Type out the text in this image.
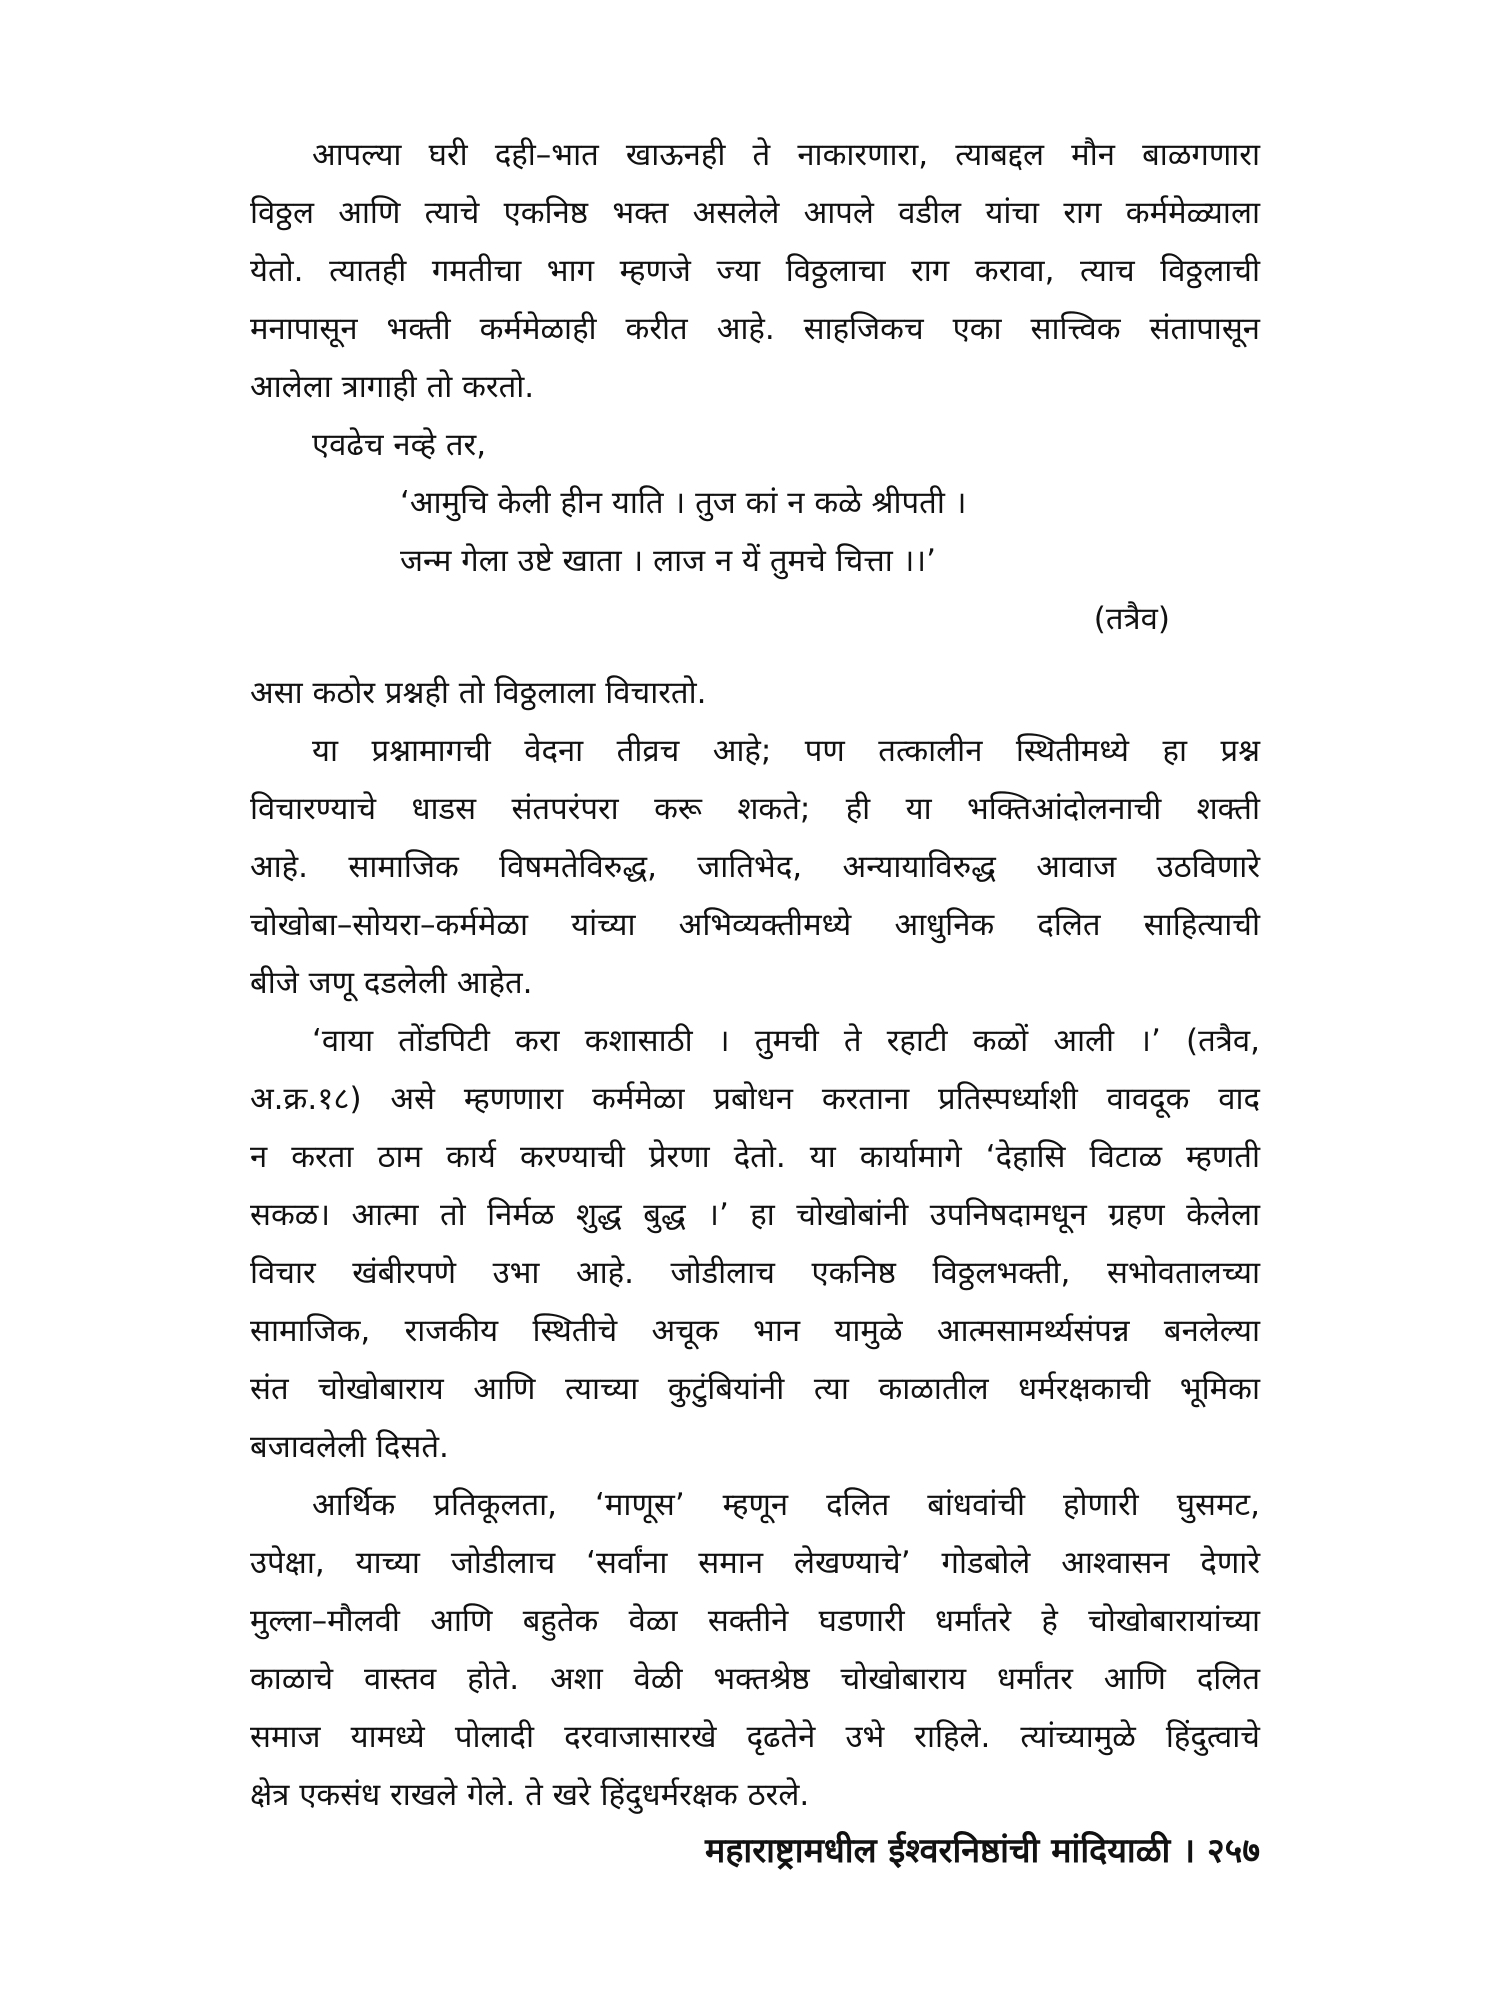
आपल्या घरी दही–भात खाऊनही ते नाकारणारा, त्याबद्दल मौन बाळगणारा
विठ्ठल आणि त्याचे एकनिष्ठ भक्त असलेले आपले वडील यांचा राग कर्ममेळ्याला
येतो. त्यातही गमतीचा भाग म्हणजे ज्या विठ्ठलाचा राग करावा, त्याच विठ्ठलाची
मनापासून भक्ती कर्ममेळाही करीत आहे. साहजिकच एका सात्त्विक संतापासून
आलेला त्रागाही तो करतो.
एवढेच नव्हे तर,
‘आमुचि केली हीन याति । तुज कां न कळे श्रीपती ।
जन्म गेला उष्टे खाता । लाज न यें तुमचे चित्ता ।।’
(तत्रैव)
असा कठोर प्रश्नही तो विठ्ठलाला विचारतो.
या प्रश्नामागची वेदना तीव्रच आहे; पण तत्कालीन स्थितीमध्ये हा प्रश्न
विचारण्याचे धाडस संतपरंपरा करू शकते; ही या भक्तिआंदोलनाची शक्ती
आहे. सामाजिक विषमतेविरुद्ध, जातिभेद, अन्यायाविरुद्ध आवाज उठविणारे
चोखोबा–सोयरा–कर्ममेळा यांच्या अभिव्यक्तीमध्ये आधुनिक दलित साहित्याची
बीजे जणू दडलेली आहेत.
‘वाया तोंडपिटी करा कशासाठी । तुमची ते रहाटी कळों आली ।’ (तत्रैव,
अ.क्र.१८) असे म्हणणारा कर्ममेळा प्रबोधन करताना प्रतिस्पर्ध्याशी वावदूक वाद
न करता ठाम कार्य करण्याची प्रेरणा देतो. या कार्यामागे ‘देहासि विटाळ म्हणती
सकळ। आत्मा तो निर्मळ शुद्ध बुद्ध ।’ हा चोखोबांनी उपनिषदामधून ग्रहण केलेला
विचार खंबीरपणे उभा आहे. जोडीलाच एकनिष्ठ विठ्ठलभक्ती, सभोवतालच्या
सामाजिक, राजकीय स्थितीचे अचूक भान यामुळे आत्मसामर्थ्यसंपन्न बनलेल्या
संत चोखोबाराय आणि त्याच्या कुटुंबियांनी त्या काळातील धर्मरक्षकाची भूमिका
बजावलेली दिसते.
आर्थिक प्रतिकूलता, ‘माणूस’ म्हणून दलित बांधवांची होणारी घुसमट,
उपेक्षा, याच्या जोडीलाच ‘सर्वांना समान लेखण्याचे’ गोडबोले आश्वासन देणारे
मुल्ला–मौलवी आणि बहुतेक वेळा सक्तीने घडणारी धर्मांतरे हे चोखोबारायांच्या
काळाचे वास्तव होते. अशा वेळी भक्तश्रेष्ठ चोखोबाराय धर्मांतर आणि दलित
समाज यामध्ये पोलादी दरवाजासारखे दृढतेने उभे राहिले. त्यांच्यामुळे हिंदुत्वाचे
क्षेत्र एकसंध राखले गेले. ते खरे हिंदुधर्मरक्षक ठरले.
महाराष्ट्रामधील ईश्वरनिष्ठांची मांदियाळी । २५७
